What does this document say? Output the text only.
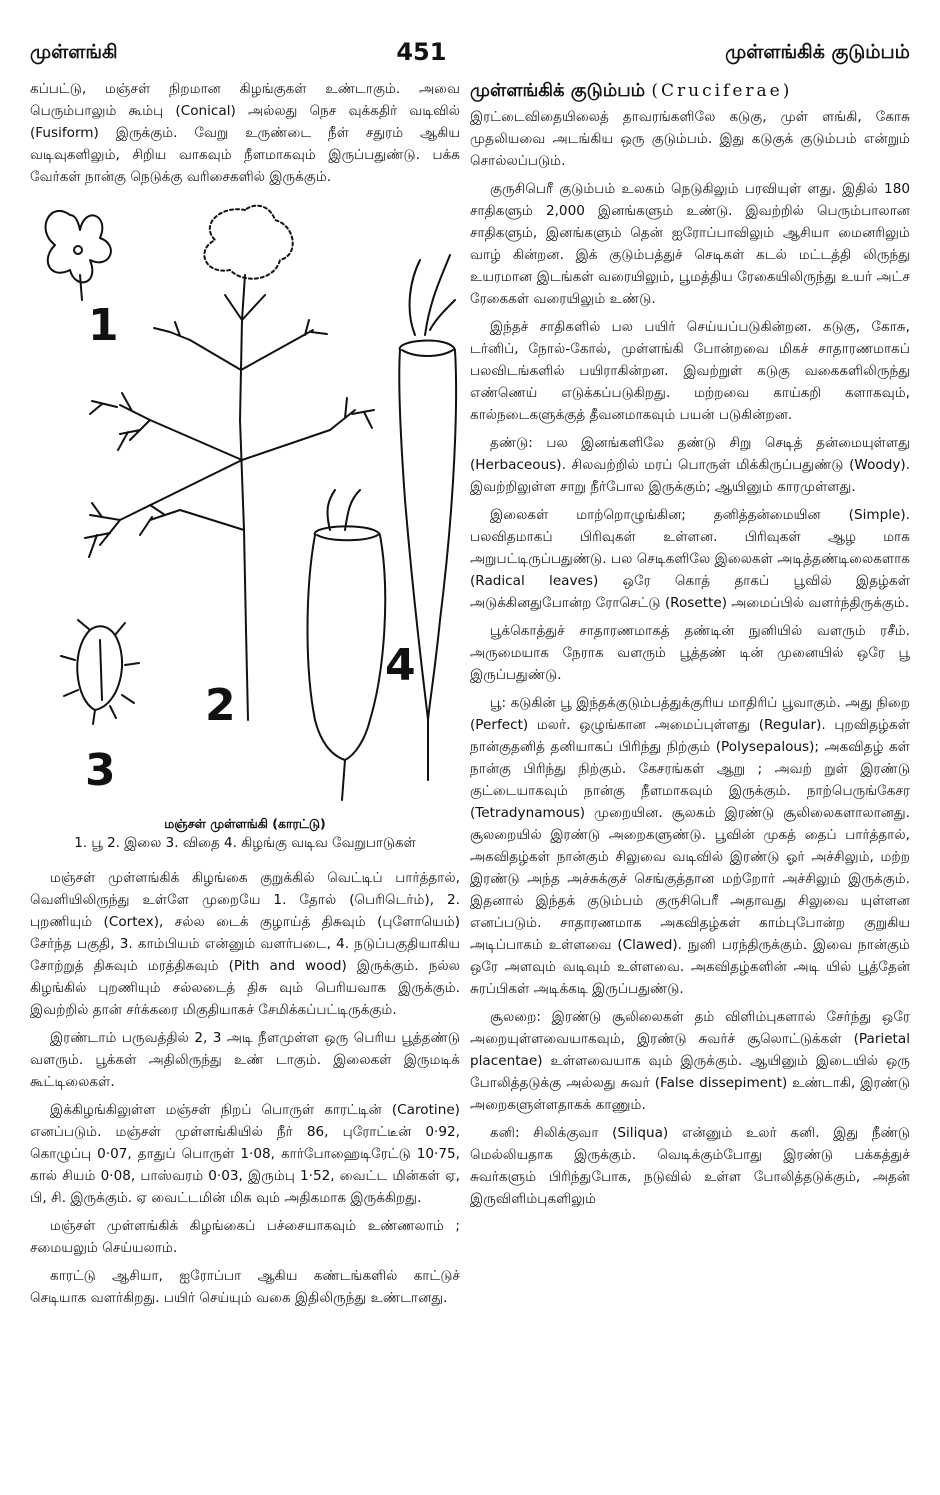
முள்ளங்கி	451	முள்ளங்கிக் குடும்பம்

கப்பட்டு, மஞ்சள் நிறமான கிழங்குகள் உண்டாகும். அவை பெரும்பாலும் கூம்பு (Conical) அல்லது நெச வுக்கதிர் வடிவில் (Fusiform) இருக்கும். வேறு உருண்டை நீள் சதுரம் ஆகிய வடிவுகளிலும், சிறிய வாகவும் நீளமாகவும் இருப்பதுண்டு. பக்க வேர்கள் நான்கு நெடுக்கு வரிசைகளில் இருக்கும்.

1
2
3
4
மஞ்சள் முள்ளங்கி (காரட்டு)
1. பூ 2. இலை 3. விதை 4. கிழங்கு வடிவ வேறுபாடுகள்

மஞ்சள் முள்ளங்கிக் கிழங்கை குறுக்கில் வெட்டிப் பார்த்தால், வெளியிலிருந்து உள்ளே முறையே 1. தோல் (பெரிடெர்ம்), 2. புறணியும் (Cortex), சல்ல டைக் குழாய்த் திசுவும் (புளோயெம்) சேர்ந்த பகுதி, 3. காம்பியம் என்னும் வளர்படை, 4. நடுப்பகுதியாகிய சோற்றுத் திசுவும் மரத்திசுவும் (Pith and wood) இருக்கும். நல்ல கிழங்கில் புறணியும் சல்லடைத் திசு வும் பெரியவாக இருக்கும். இவற்றில் தான் சர்க்கரை மிகுதியாகச் சேமிக்கப்பட்டிருக்கும்.

இரண்டாம் பருவத்தில் 2, 3 அடி நீளமுள்ள ஒரு பெரிய பூத்தண்டு வளரும். பூக்கள் அதிலிருந்து உண் டாகும். இலைகள் இருமடிக் கூட்டிலைகள்.

இக்கிழங்கிலுள்ள மஞ்சள் நிறப் பொருள் காரட்டின் (Carotine) எனப்படும். மஞ்சள் முள்ளங்கியில் நீர் 86, புரோட்டீன் 0·92, கொழுப்பு 0·07, தாதுப் பொருள் 1·08, கார்போஹைடிரேட்டு 10·75, கால் சியம் 0·08, பாஸ்வரம் 0·03, இரும்பு 1·52, வைட்ட மின்கள் ஏ, பி, சி. இருக்கும். ஏ வைட்டமின் மிக வும் அதிகமாக இருக்கிறது.

மஞ்சள் முள்ளங்கிக் கிழங்கைப் பச்சையாகவும் உண்ணலாம் ; சமையலும் செய்யலாம்.

காரட்டு ஆசியா, ஐரோப்பா ஆகிய கண்டங்களில் காட்டுச் செடியாக வளர்கிறது. பயிர் செய்யும் வகை இதிலிருந்து உண்டானது.

முள்ளங்கிக் குடும்பம் (Cruciferae)

இரட்டைவிதையிலைத் தாவரங்களிலே கடுகு, முள் ளங்கி, கோசு முதலியவை அடங்கிய ஒரு குடும்பம். இது கடுகுக் குடும்பம் என்றும் சொல்லப்படும்.

குருசிபெரீ குடும்பம் உலகம் நெடுகிலும் பரவியுள் ளது. இதில் 180 சாதிகளும் 2,000 இனங்களும் உண்டு. இவற்றில் பெரும்பாலான சாதிகளும், இனங்களும் தென் ஐரோப்பாவிலும் ஆசியா மைனரிலும் வாழ் கின்றன. இக் குடும்பத்துச் செடிகள் கடல் மட்டத்தி லிருந்து உயரமான இடங்கள் வரையிலும், பூமத்திய ரேகையிலிருந்து உயர் அட்ச ரேகைகள் வரையிலும் உண்டு.

இந்தச் சாதிகளில் பல பயிர் செய்யப்படுகின்றன. கடுகு, கோசு, டர்னிப், நோல்-கோல், முள்ளங்கி போன்றவை மிகச் சாதாரணமாகப் பலவிடங்களில் பயிராகின்றன. இவற்றுள் கடுகு வகைகளிலிருந்து எண்ணெய் எடுக்கப்படுகிறது. மற்றவை காய்கறி களாகவும், கால்நடைகளுக்குத் தீவனமாகவும் பயன் படுகின்றன.

தண்டு: பல இனங்களிலே தண்டு சிறு செடித் தன்மையுள்ளது (Herbaceous). சிலவற்றில் மரப் பொருள் மிக்கிருப்பதுண்டு (Woody). இவற்றிலுள்ள சாறு நீர்போல இருக்கும்; ஆயினும் காரமுள்ளது.

இலைகள் மாற்றொழுங்கின; தனித்தன்மையின (Simple). பலவிதமாகப் பிரிவுகள் உள்ளன. பிரிவுகள் ஆழ மாக அறுபட்டிருப்பதுண்டு. பல செடிகளிலே இலைகள் அடித்தண்டிலைகளாக (Radical leaves) ஒரே கொத் தாகப் பூவில் இதழ்கள் அடுக்கினதுபோன்ற ரோசெட்டு (Rosette) அமைப்பில் வளர்ந்திருக்கும்.

பூக்கொத்துச் சாதாரணமாகத் தண்டின் நுனியில் வளரும் ரசீம். அருமையாக நேராக வளரும் பூத்தண் டின் முனையில் ஒரே பூ இருப்பதுண்டு.

பூ: கடுகின் பூ இந்தக்குடும்பத்துக்குரிய மாதிரிப் பூவாகும். அது நிறை (Perfect) மலர். ஒழுங்கான அமைப்புள்ளது (Regular). புறவிதழ்கள் நான்குதனித் தனியாகப் பிரிந்து நிற்கும் (Polysepalous); அகவிதழ் கள் நான்கு பிரிந்து நிற்கும். கேசரங்கள் ஆறு ; அவற் றுள் இரண்டு குட்டையாகவும் நான்கு நீளமாகவும் இருக்கும். நாற்பெருங்கேசர (Tetradynamous) முறையின. சூலகம் இரண்டு சூலிலைகளாலானது. சூலறையில் இரண்டு அறைகளுண்டு. பூவின் முகத் தைப் பார்த்தால், அகவிதழ்கள் நான்கும் சிலுவை வடிவில் இரண்டு ஓர் அச்சிலும், மற்ற இரண்டு அந்த அச்சுக்குச் செங்குத்தான மற்றோர் அச்சிலும் இருக்கும். இதனால் இந்தக் குடும்பம் குருசிபெரீ அதாவது சிலுவை யுள்ளன எனப்படும். சாதாரணமாக அகவிதழ்கள் காம்புபோன்ற குறுகிய அடிப்பாகம் உள்ளவை (Clawed). நுனி பரந்திருக்கும். இவை நான்கும் ஒரே அளவும் வடிவும் உள்ளவை. அகவிதழ்களின் அடி யில் பூத்தேன் சுரப்பிகள் அடிக்கடி இருப்பதுண்டு.

சூலறை: இரண்டு சூலிலைகள் தம் விளிம்புகளால் சேர்ந்து ஒரே அறையுள்ளவையாகவும், இரண்டு சுவர்ச் சூலொட்டுக்கள் (Parietal placentae) உள்ளவையாக வும் இருக்கும். ஆயினும் இடையில் ஒரு போலித்தடுக்கு அல்லது சுவர் (False dissepiment) உண்டாகி, இரண்டு அறைகளுள்ளதாகக் காணும்.

கனி: சிலிக்குவா (Siliqua) என்னும் உலர் கனி. இது நீண்டு மெல்லியதாக இருக்கும். வெடிக்கும்போது இரண்டு பக்கத்துச் சுவர்களும் பிரிந்துபோக, நடுவில் உள்ள போலித்தடுக்கும், அதன் இருவிளிம்புகளிலும்
